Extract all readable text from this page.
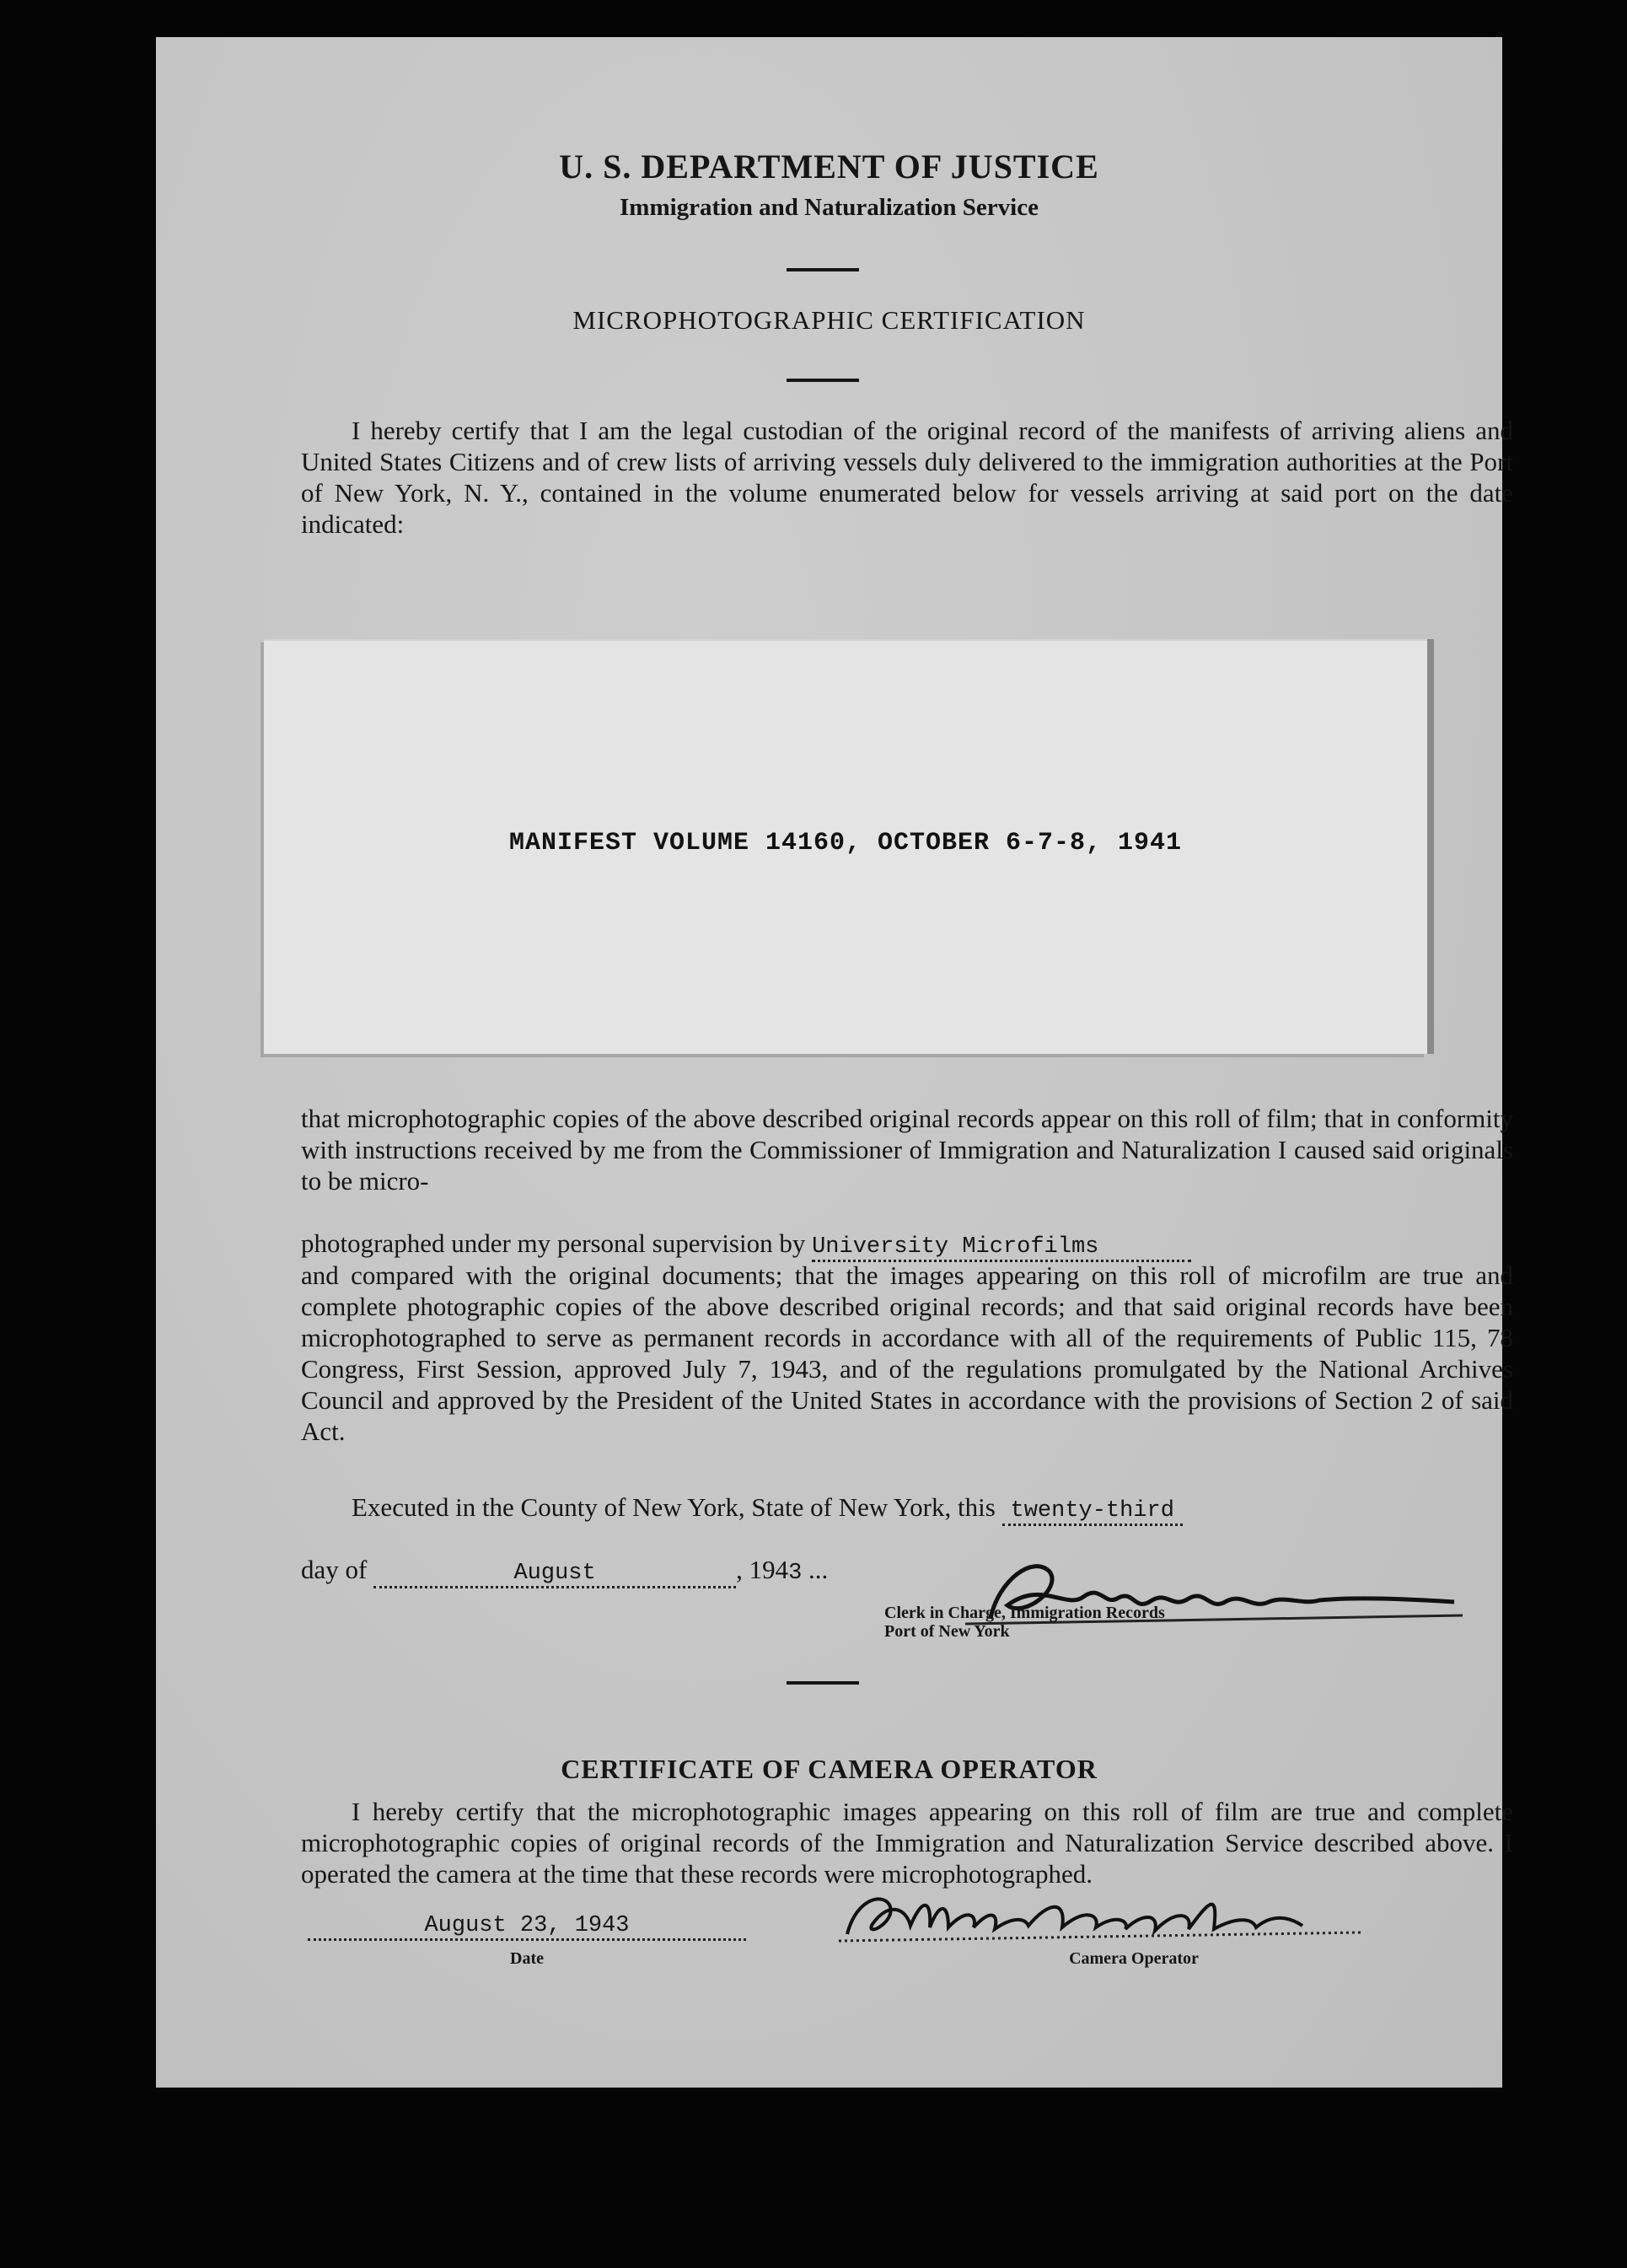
U. S. DEPARTMENT OF JUSTICE
Immigration and Naturalization Service
MICROPHOTOGRAPHIC CERTIFICATION
I hereby certify that I am the legal custodian of the original record of the manifests of arriving aliens and United States Citizens and of crew lists of arriving vessels duly delivered to the immigration authorities at the Port of New York, N. Y., contained in the volume enumerated below for vessels arriving at said port on the date indicated:
MANIFEST VOLUME 14160, OCTOBER 6-7-8, 1941
that microphotographic copies of the above described original records appear on this roll of film; that in conformity with instructions received by me from the Commissioner of Immigration and Naturalization I caused said originals to be micro-
photographed under my personal supervision by University Microfilms
and compared with the original documents; that the images appearing on this roll of microfilm are true and complete photographic copies of the above described original records; and that said original records have been microphotographed to serve as permanent records in accordance with all of the requirements of Public 115, 78 Congress, First Session, approved July 7, 1943, and of the regulations promulgated by the National Archives Council and approved by the President of the United States in accordance with the provisions of Section 2 of said Act.
Executed in the County of New York, State of New York, this twenty-third
day of	August	, 1943 ...
Clerk in Charge, Immigration Records
Port of New York
CERTIFICATE OF CAMERA OPERATOR
I hereby certify that the microphotographic images appearing on this roll of film are true and complete microphotographic copies of original records of the Immigration and Naturalization Service described above. I operated the camera at the time that these records were microphotographed.
August 23, 1943
Date	Camera Operator
